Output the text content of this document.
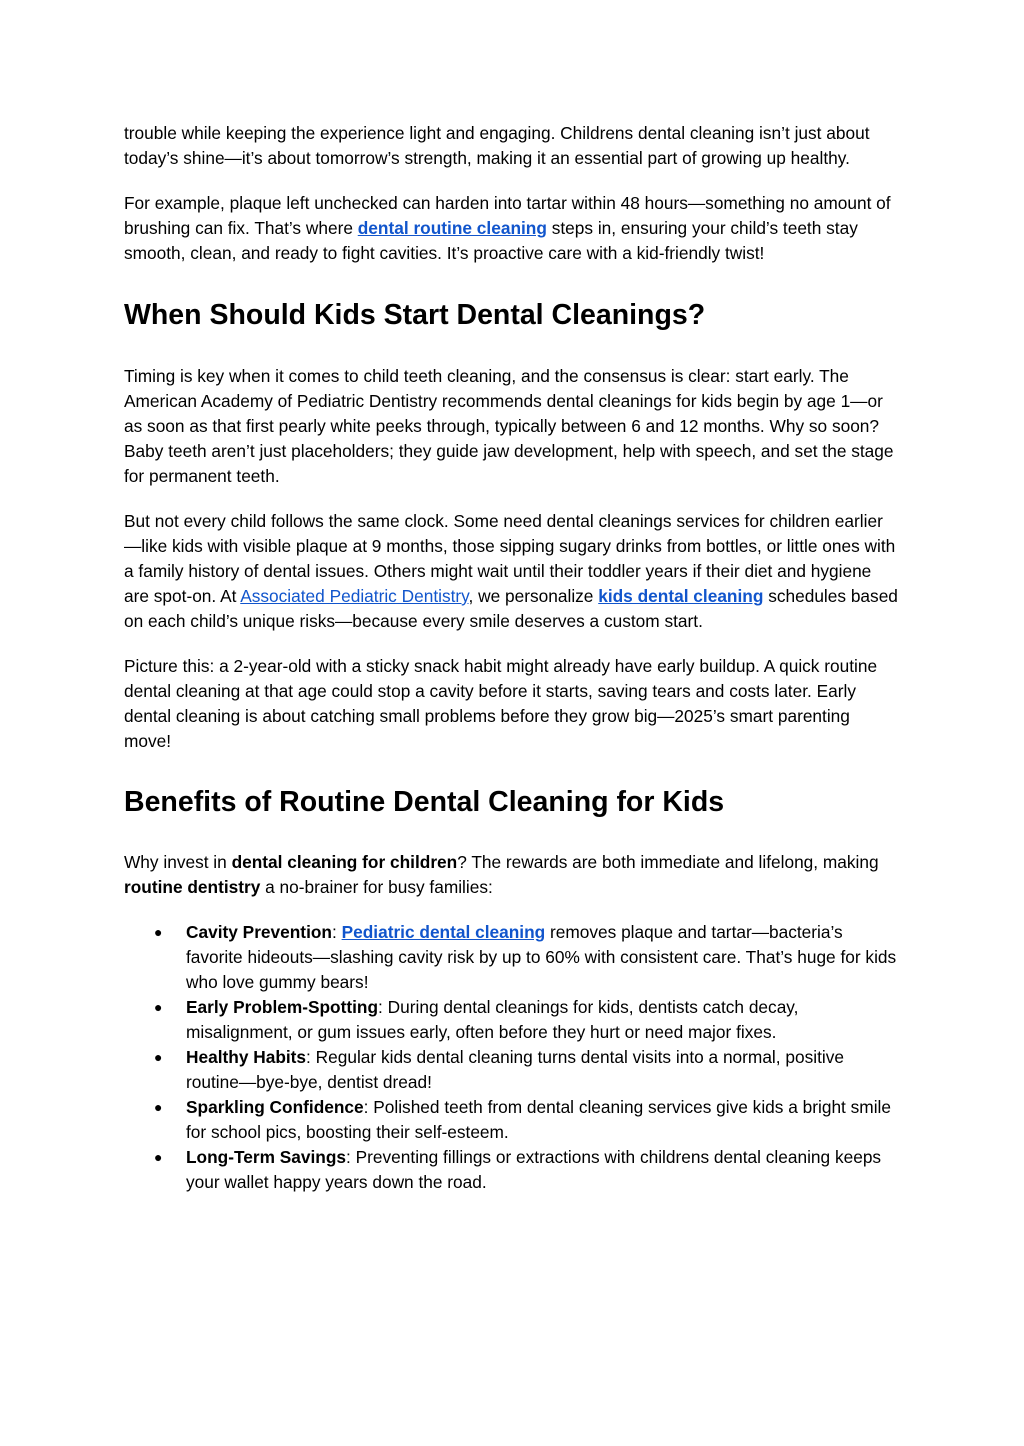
trouble while keeping the experience light and engaging. Childrens dental cleaning isn’t just about today’s shine—it’s about tomorrow’s strength, making it an essential part of growing up healthy.

For example, plaque left unchecked can harden into tartar within 48 hours—something no amount of brushing can fix. That’s where dental routine cleaning steps in, ensuring your child’s teeth stay smooth, clean, and ready to fight cavities. It’s proactive care with a kid-friendly twist!

When Should Kids Start Dental Cleanings?

Timing is key when it comes to child teeth cleaning, and the consensus is clear: start early. The American Academy of Pediatric Dentistry recommends dental cleanings for kids begin by age 1—or as soon as that first pearly white peeks through, typically between 6 and 12 months. Why so soon? Baby teeth aren’t just placeholders; they guide jaw development, help with speech, and set the stage for permanent teeth.

But not every child follows the same clock. Some need dental cleanings services for children earlier—like kids with visible plaque at 9 months, those sipping sugary drinks from bottles, or little ones with a family history of dental issues. Others might wait until their toddler years if their diet and hygiene are spot-on. At Associated Pediatric Dentistry, we personalize kids dental cleaning schedules based on each child’s unique risks—because every smile deserves a custom start.

Picture this: a 2-year-old with a sticky snack habit might already have early buildup. A quick routine dental cleaning at that age could stop a cavity before it starts, saving tears and costs later. Early dental cleaning is about catching small problems before they grow big—2025’s smart parenting move!

Benefits of Routine Dental Cleaning for Kids

Why invest in dental cleaning for children? The rewards are both immediate and lifelong, making routine dentistry a no-brainer for busy families:

● Cavity Prevention: Pediatric dental cleaning removes plaque and tartar—bacteria’s favorite hideouts—slashing cavity risk by up to 60% with consistent care. That’s huge for kids who love gummy bears!
● Early Problem-Spotting: During dental cleanings for kids, dentists catch decay, misalignment, or gum issues early, often before they hurt or need major fixes.
● Healthy Habits: Regular kids dental cleaning turns dental visits into a normal, positive routine—bye-bye, dentist dread!
● Sparkling Confidence: Polished teeth from dental cleaning services give kids a bright smile for school pics, boosting their self-esteem.
● Long-Term Savings: Preventing fillings or extractions with childrens dental cleaning keeps your wallet happy years down the road.
